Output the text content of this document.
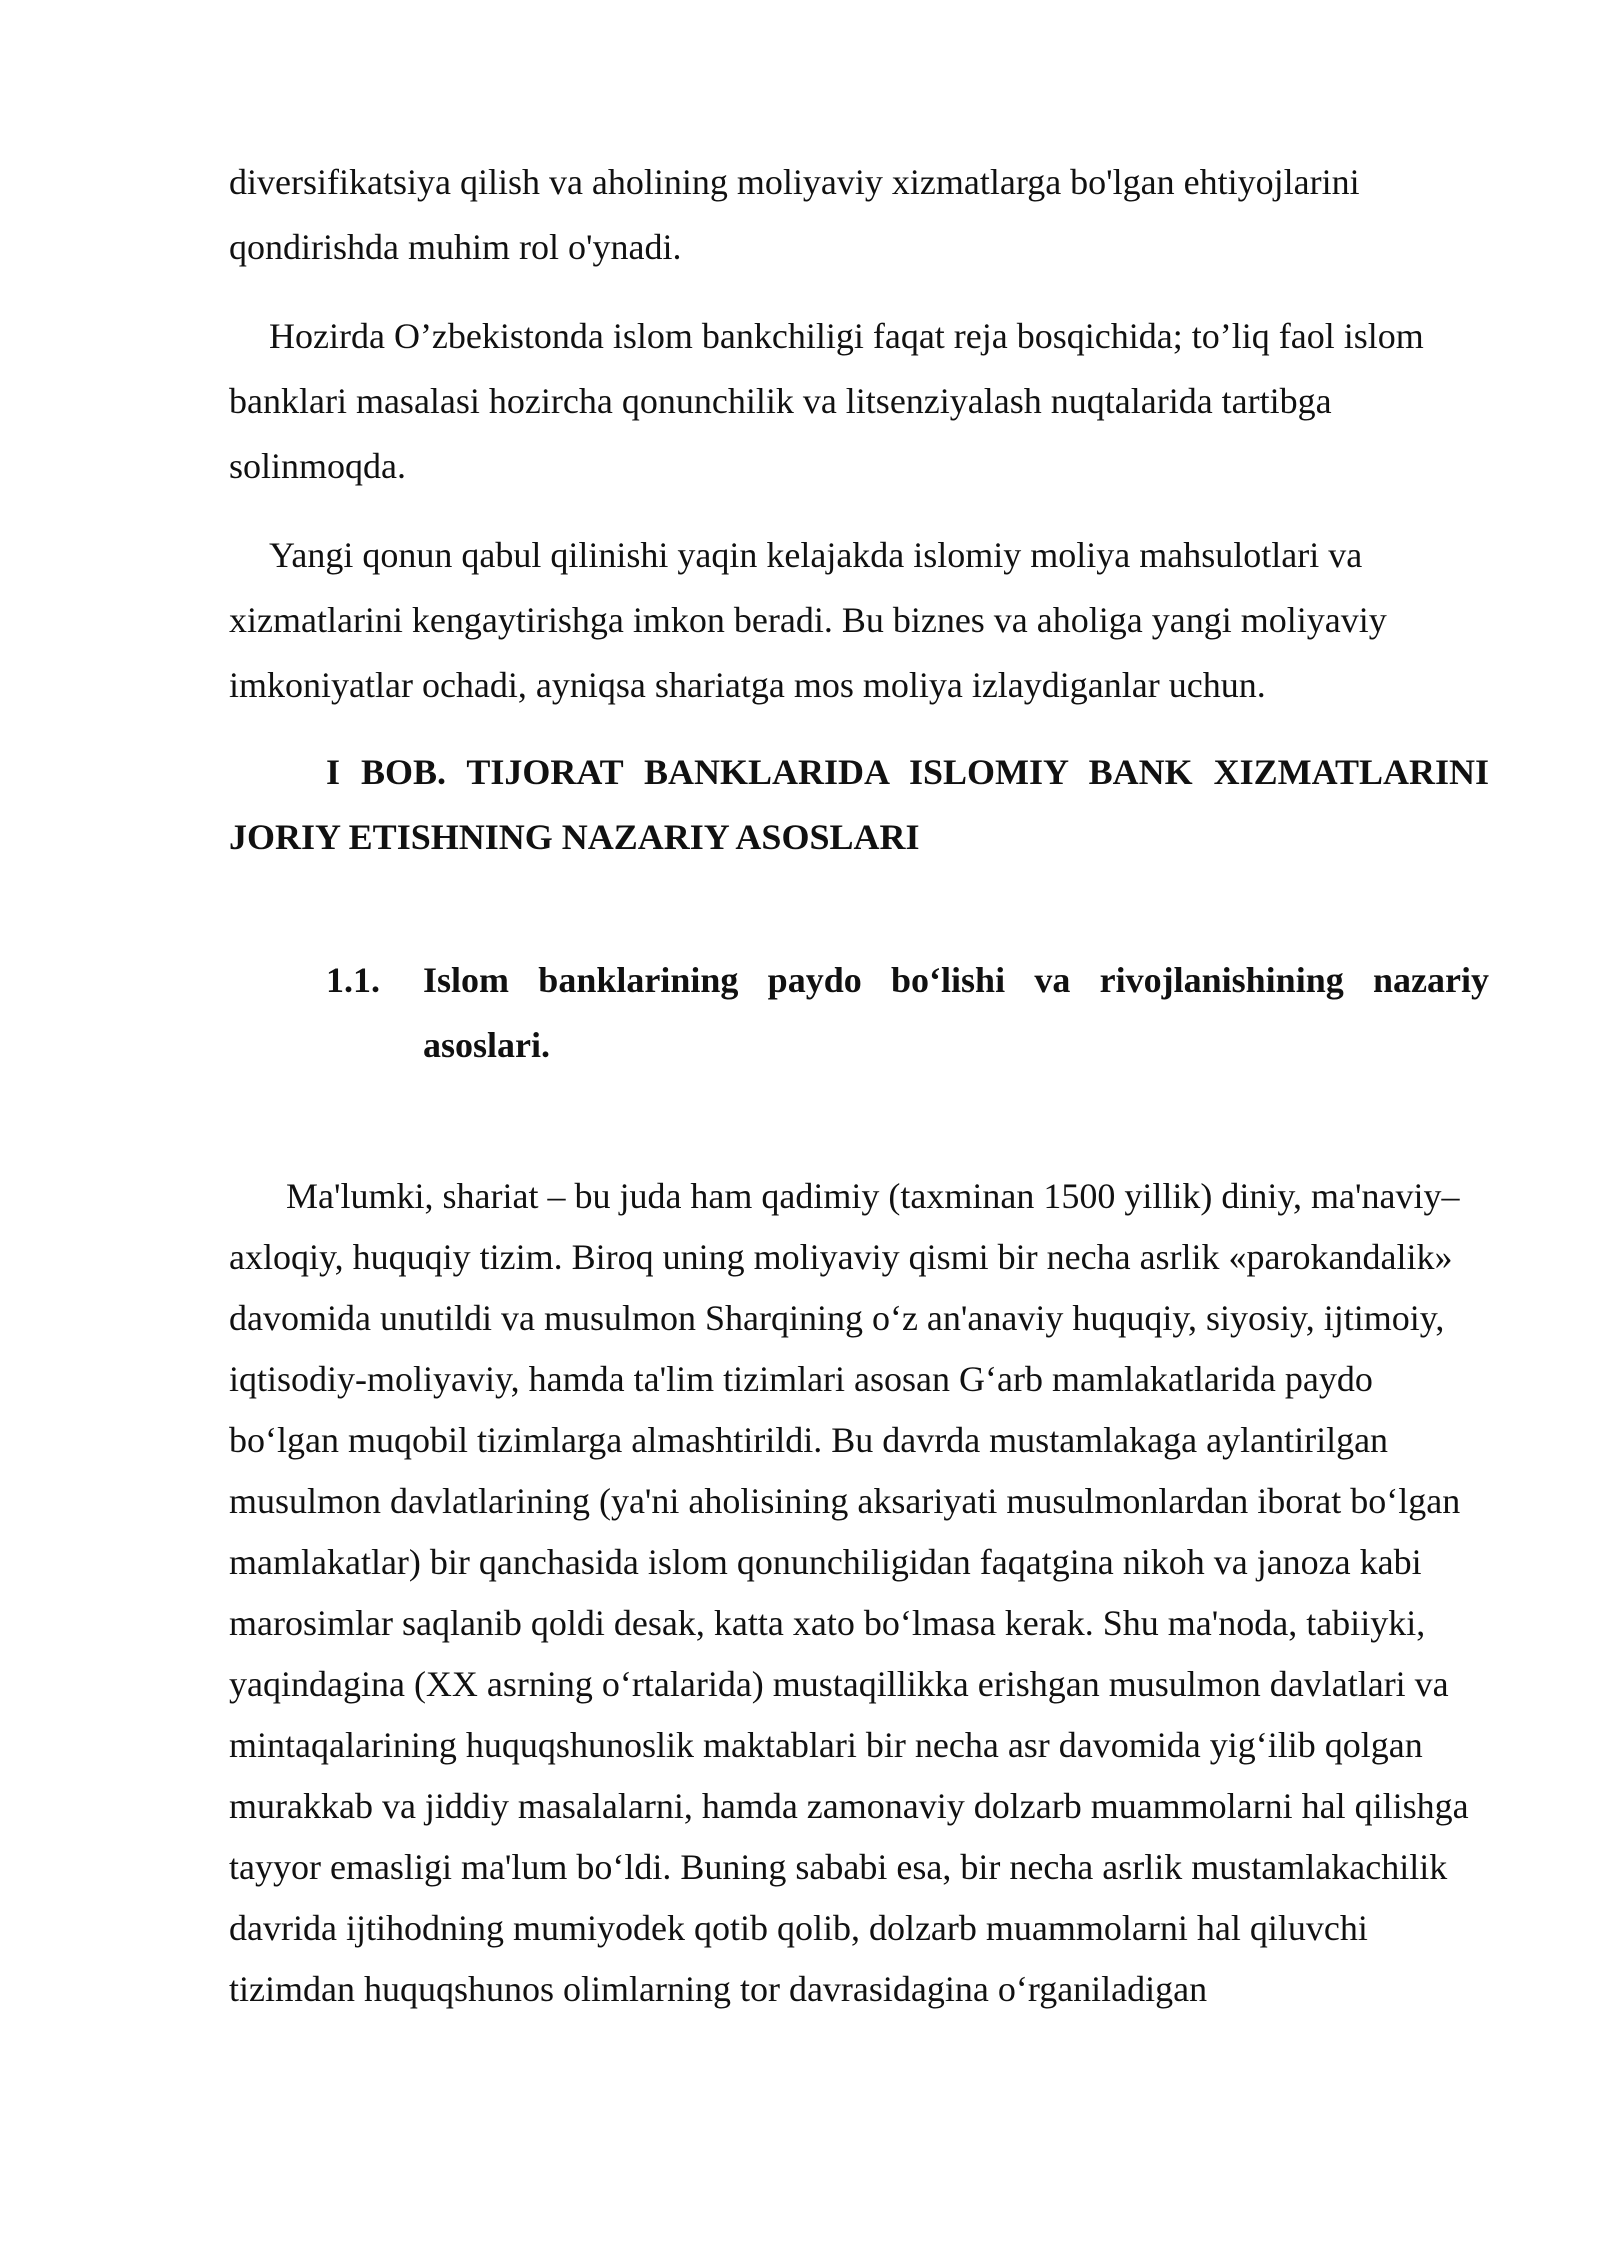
diversifikatsiya qilish va aholining moliyaviy xizmatlarga bo'lgan ehtiyojlarini qondirishda muhim rol o'ynadi.

Hozirda O’zbekistonda islom bankchiligi faqat reja bosqichida; to’liq faol islom banklari masalasi hozircha qonunchilik va litsenziyalash nuqtalarida tartibga solinmoqda.

Yangi qonun qabul qilinishi yaqin kelajakda islomiy moliya mahsulotlari va xizmatlarini kengaytirishga imkon beradi. Bu biznes va aholiga yangi moliyaviy imkoniyatlar ochadi, ayniqsa shariatga mos moliya izlaydiganlar uchun.

I BOB. TIJORAT BANKLARIDA ISLOMIY BANK XIZMATLARINI JORIY ETISHNING NAZARIY ASOSLARI
1.1.	Islom banklarining paydo bo‘lishi va rivojlanishining nazariy asoslari.

Ma'lumki, shariat – bu juda ham qadimiy (taxminan 1500 yillik) diniy, ma'naviy–axloqiy, huquqiy tizim. Biroq uning moliyaviy qismi bir necha asrlik «parokandalik» davomida unutildi va musulmon Sharqining o‘z an'anaviy huquqiy, siyosiy, ijtimoiy, iqtisodiy-moliyaviy, hamda ta'lim tizimlari asosan G‘arb mamlakatlarida paydo bo‘lgan muqobil tizimlarga almashtirildi. Bu davrda mustamlakaga aylantirilgan musulmon davlatlarining (ya'ni aholisining aksariyati musulmonlardan iborat bo‘lgan mamlakatlar) bir qanchasida islom qonunchiligidan faqatgina nikoh va janoza kabi marosimlar saqlanib qoldi desak, katta xato bo‘lmasa kerak. Shu ma'noda, tabiiyki, yaqindagina (XX asrning o‘rtalarida) mustaqillikka erishgan musulmon davlatlari va mintaqalarining huquqshunoslik maktablari bir necha asr davomida yig‘ilib qolgan murakkab va jiddiy masalalarni, hamda zamonaviy dolzarb muammolarni hal qilishga tayyor emasligi ma'lum bo‘ldi. Buning sababi esa, bir necha asrlik mustamlakachilik davrida ijtihodning mumiyodek qotib qolib, dolzarb muammolarni hal qiluvchi tizimdan huquqshunos olimlarning tor davrasidagina o‘rganiladigan
